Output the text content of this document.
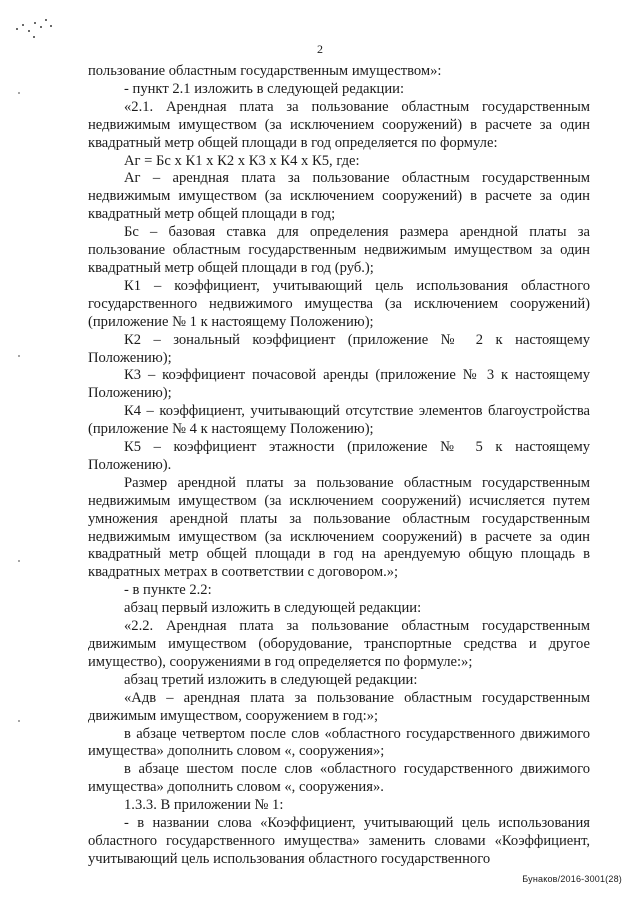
2

пользование областным государственным имуществом»:

- пункт 2.1 изложить в следующей редакции:

«2.1. Арендная плата за пользование областным государственным недвижимым имуществом (за исключением сооружений) в расчете за один квадратный метр общей площади в год определяется по формуле:

Аг = Бс x К1 x К2 x К3 x К4 x К5, где:

Аг – арендная плата за пользование областным государственным недвижимым имуществом (за исключением сооружений) в расчете за один квадратный метр общей площади в год;

Бс – базовая ставка для определения размера арендной платы за пользование областным государственным недвижимым имуществом за один квадратный метр общей площади в год (руб.);

К1 – коэффициент, учитывающий цель использования областного государственного недвижимого имущества (за исключением сооружений) (приложение № 1 к настоящему Положению);

К2 – зональный коэффициент (приложение № 2 к настоящему Положению);

К3 – коэффициент почасовой аренды (приложение № 3 к настоящему Положению);

К4 – коэффициент, учитывающий отсутствие элементов благоустройства (приложение № 4 к настоящему Положению);

К5 – коэффициент этажности (приложение № 5 к настоящему Положению).

Размер арендной платы за пользование областным государственным недвижимым имуществом (за исключением сооружений) исчисляется путем умножения арендной платы за пользование областным государственным недвижимым имуществом (за исключением сооружений) в расчете за один квадратный метр общей площади в год на арендуемую общую площадь в квадратных метрах в соответствии с договором.»;

- в пункте 2.2:

абзац первый изложить в следующей редакции:

«2.2. Арендная плата за пользование областным государственным движимым имуществом (оборудование, транспортные средства и другое имущество), сооружениями в год определяется по формуле:»;

абзац третий изложить в следующей редакции:

«Адв – арендная плата за пользование областным государственным движимым имуществом, сооружением в год:»;

в абзаце четвертом после слов «областного государственного движимого имущества» дополнить словом «, сооружения»;

в абзаце шестом после слов «областного государственного движимого имущества» дополнить словом «, сооружения».

1.3.3. В приложении № 1:

- в названии слова «Коэффициент, учитывающий цель использования областного государственного имущества» заменить словами «Коэффициент, учитывающий цель использования областного государственного

Бунаков/2016-3001(28)
